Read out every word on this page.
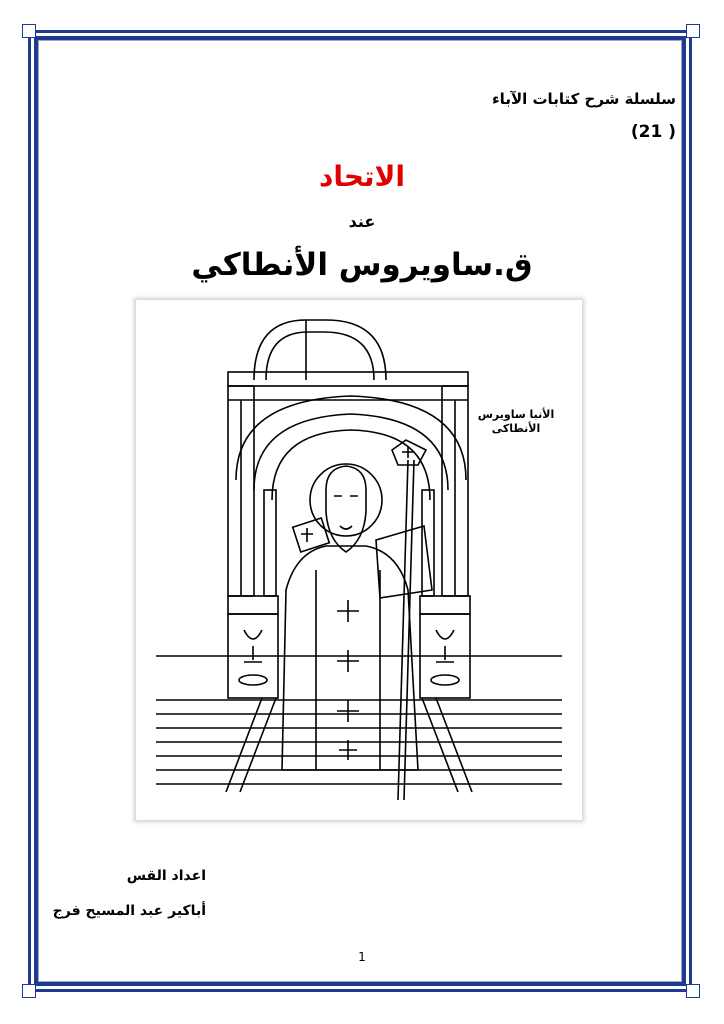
سلسلة شرح كتابات الآباء
( 21)
الاتحاد
عند
ق.ساويروس الأنطاكي
الأنبا ساويرس
الأنطاكى
اعداد القس
أباكير عبد المسيح فرج
1
